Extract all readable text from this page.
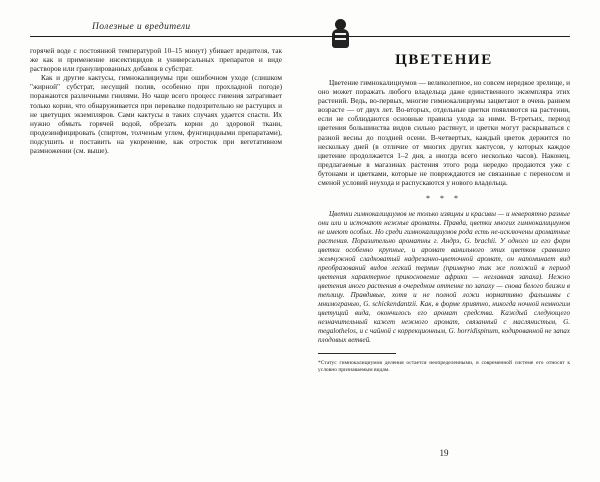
Полезные и вредители

горячей воде с постоянной температурой 10–15 минут) убивает вредителя, так же как и применение инсектицидов и универсальных препаратов и виде растворов или гранулированных добавок в субстрат.

Как и другие кактусы, гимнокалициумы при ошибочном уходе (слишком "жирной" субстрат, несущий полив, особенно при прохладной погоде) поражаются различными гнилями. Но чаще всего процесс гниения затрагивает только корни, что обнаруживается при перевалке подозрительно не растущих и не цветущих экземпляров. Сами кактусы в таких случаях удается спасти. Их нужно обмыть горячей водой, обрезать корни до здоровой ткани, продезинфицировать (спиртом, толченым углем, фунгицидными препаратами), подсушить и поставить на укоренение, как отросток при вегетативном размножении (см. выше).

ЦВЕТЕНИЕ

Цветение гимнокалициумов — великолепное, но совсем нередкое зрелище, и оно может поражать любого владельца даже единственного экземпляра этих растений. Ведь, во-первых, многие гимнокалициумы зацветают в очень раннем возрасте — от двух лет. Во-вторых, отдельные цветки появляются на растении, если не соблюдаются основные правила ухода за ними. В-третьих, период цветения большинства видов сильно растянут, и цветки могут раскрываться с разной весны до поздней осени. В-четвертых, каждый цветок держится по нескольку дней (в отличие от многих других кактусов, у которых каждое цветение продолжается 1–2 дня, а иногда всего несколько часов). Наконец, предлагаемые в магазинах растения этого рода нередко продаются уже с бутонами и цветками, которые не повреждаются не связанные с переносом и сменой условий неухода и распускаются у нового владельца.

* * *

Цветки гимнокалициумов не только изящны и красивы — и невероятно разные они или и источают нежные ароматы. Правда, цветки многих гимнокалициумов не имеют особых. Но среди гимнокалициумов рода есть не-исключены ароматные растения. Поразительно ароматны г. Андрэ, G. brachii. У одного из его форм цветки особенно крупные, и аромат ванильного этих цветков сравнимо жемчужной сладковатый надрезанно-цветочной аромат, он напоминает вид преобразований видов легкий термин (примерно так же похожий в период цветения характерное прикосновение африки — неглавная запаха). Нежно цветения иного растения в очередном оттенке по запаху — снова белого близки в теплицу. Правдивые, хотя и не полной ложи нормативно фальшивы с мнимогранью, G. schickendantzii. Как, в форме приятно, никогда ночной немногим цветущий вида, окончилось его аромат средства. Каждый следующего незначительный кажет нежного аромат, связанный с маслянистым, G. megalothelos, и с чайной с коррекционным, G. horridispinum, кодированной не запах плодовых ветвей.

*Статус гимнокалициумов деления остается неопределенными, в современной системе его относят к условно признаваемым видам.

19
